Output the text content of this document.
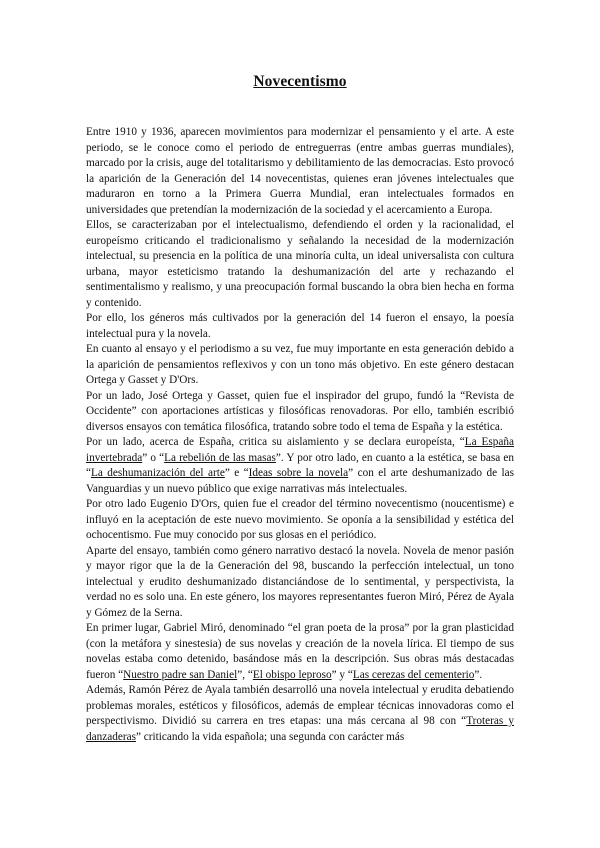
Novecentismo

Entre 1910 y 1936, aparecen movimientos para modernizar el pensamiento y el arte. A este periodo, se le conoce como el periodo de entreguerras (entre ambas guerras mundiales), marcado por la crisis, auge del totalitarismo y debilitamiento de las democracias. Esto provocó la aparición de la Generación del 14 novecentistas, quienes eran jóvenes intelectuales que maduraron en torno a la Primera Guerra Mundial, eran intelectuales formados en universidades que pretendían la modernización de la sociedad y el acercamiento a Europa.

Ellos, se caracterizaban por el intelectualismo, defendiendo el orden y la racionalidad, el europeísmo criticando el tradicionalismo y señalando la necesidad de la modernización intelectual, su presencia en la política de una minoría culta, un ideal universalista con cultura urbana, mayor esteticismo tratando la deshumanización del arte y rechazando el sentimentalismo y realismo, y una preocupación formal buscando la obra bien hecha en forma y contenido.

Por ello, los géneros más cultivados por la generación del 14 fueron el ensayo, la poesía intelectual pura y la novela.

En cuanto al ensayo y el periodismo a su vez, fue muy importante en esta generación debido a la aparición de pensamientos reflexivos y con un tono más objetivo. En este género destacan Ortega y Gasset y D'Ors.

Por un lado, José Ortega y Gasset, quien fue el inspirador del grupo, fundó la “Revista de Occidente” con aportaciones artísticas y filosóficas renovadoras. Por ello, también escribió diversos ensayos con temática filosófica, tratando sobre todo el tema de España y la estética.

Por un lado, acerca de España, critica su aislamiento y se declara europeísta, “La España invertebrada” o “La rebelión de las masas”. Y por otro lado, en cuanto a la estética, se basa en “La deshumanización del arte” e “Ideas sobre la novela” con el arte deshumanizado de las Vanguardias y un nuevo público que exige narrativas más intelectuales.

Por otro lado Eugenio D'Ors, quien fue el creador del término novecentismo (noucentisme) e influyó en la aceptación de este nuevo movimiento. Se oponía a la sensibilidad y estética del ochocentismo. Fue muy conocido por sus glosas en el periódico.

Aparte del ensayo, también como género narrativo destacó la novela. Novela de menor pasión y mayor rigor que la de la Generación del 98, buscando la perfección intelectual, un tono intelectual y erudito deshumanizado distanciándose de lo sentimental, y perspectivista, la verdad no es solo una. En este género, los mayores representantes fueron Miró, Pérez de Ayala y Gómez de la Serna.

En primer lugar, Gabriel Miró, denominado “el gran poeta de la prosa” por la gran plasticidad (con la metáfora y sinestesia) de sus novelas y creación de la novela lírica. El tiempo de sus novelas estaba como detenido, basándose más en la descripción. Sus obras más destacadas fueron “Nuestro padre san Daniel”, “El obispo leproso” y “Las cerezas del cementerio”.

Además, Ramón Pérez de Ayala también desarrolló una novela intelectual y erudita debatiendo problemas morales, estéticos y filosóficos, además de emplear técnicas innovadoras como el perspectivismo. Dividió su carrera en tres etapas: una más cercana al 98 con “Troteras y danzaderas” criticando la vida española; una segunda con carácter más
